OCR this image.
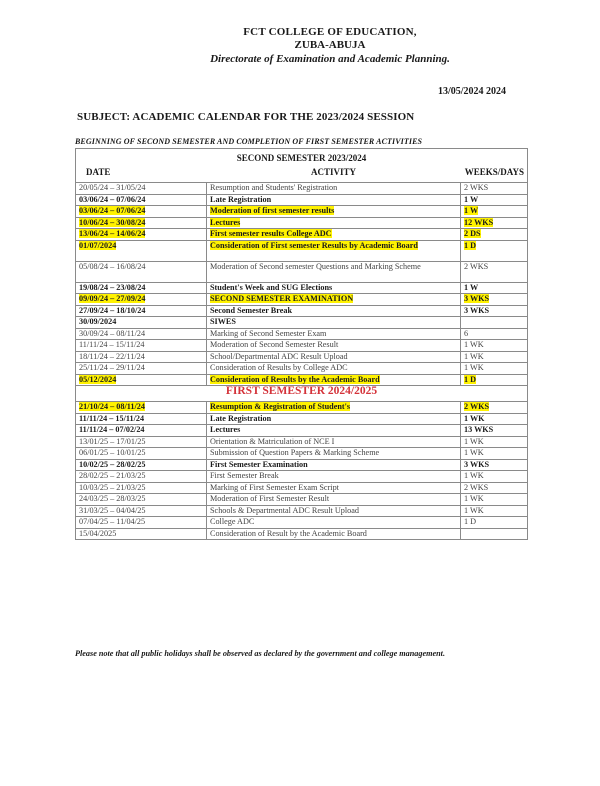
FCT COLLEGE OF EDUCATION,
ZUBA-ABUJA
Directorate of Examination and Academic Planning.
13/05/2024 2024
SUBJECT: ACADEMIC CALENDAR FOR THE 2023/2024 SESSION
BEGINNING OF SECOND SEMESTER AND COMPLETION OF FIRST SEMESTER ACTIVITIES
SECOND SEMESTER 2023/2024		
DATE	ACTIVITY	WEEKS/DAYS
20/05/24 – 31/05/24	Resumption and Students' Registration	2 WKS
03/06/24 – 07/06/24	Late Registration	1 W
03/06/24 – 07/06/24	Moderation of first semester results	1 W
10/06/24 – 30/08/24	Lectures	12 WKS
13/06/24 – 14/06/24	First semester results College ADC	2 DS
01/07/2024	Consideration of First semester Results by Academic Board	1 D
05/08/24 – 16/08/24	Moderation of Second semester Questions and Marking Scheme	2 WKS
19/08/24 – 23/08/24	Student's Week and SUG Elections	1 W
09/09/24 – 27/09/24	SECOND SEMESTER EXAMINATION	3 WKS
27/09/24 – 18/10/24	Second Semester Break	3 WKS
30/09/2024	SIWES	
30/09/24 – 08/11/24	Marking of Second Semester Exam	6
11/11/24 – 15/11/24	Moderation of Second Semester Result	1 WK
18/11/24 – 22/11/24	School/Departmental ADC Result Upload	1 WK
25/11/24 – 29/11/24	Consideration of Results by College ADC	1 WK
05/12/2024	Consideration of Results by the Academic Board	1 D
FIRST SEMESTER 2024/2025		
21/10/24 – 08/11/24	Resumption & Registration of Student's	2 WKS
11/11/24 – 15/11/24	Late Registration	1 WK
11/11/24 – 07/02/24	Lectures	13 WKS
13/01/25 – 17/01/25	Orientation & Matriculation of NCE I	1 WK
06/01/25 – 10/01/25	Submission of Question Papers & Marking Scheme	1 WK
10/02/25 – 28/02/25	First Semester Examination	3 WKS
28/02/25 – 21/03/25	First Semester Break	1 WK
10/03/25 – 21/03/25	Marking of First Semester Exam Script	2 WKS
24/03/25 – 28/03/25	Moderation of First Semester Result	1 WK
31/03/25 – 04/04/25	Schools & Departmental ADC Result Upload	1 WK
07/04/25 – 11/04/25	College ADC	1 D
15/04/2025	Consideration of Result by the Academic Board	
Please note that all public holidays shall be observed as declared by the government and college management.
